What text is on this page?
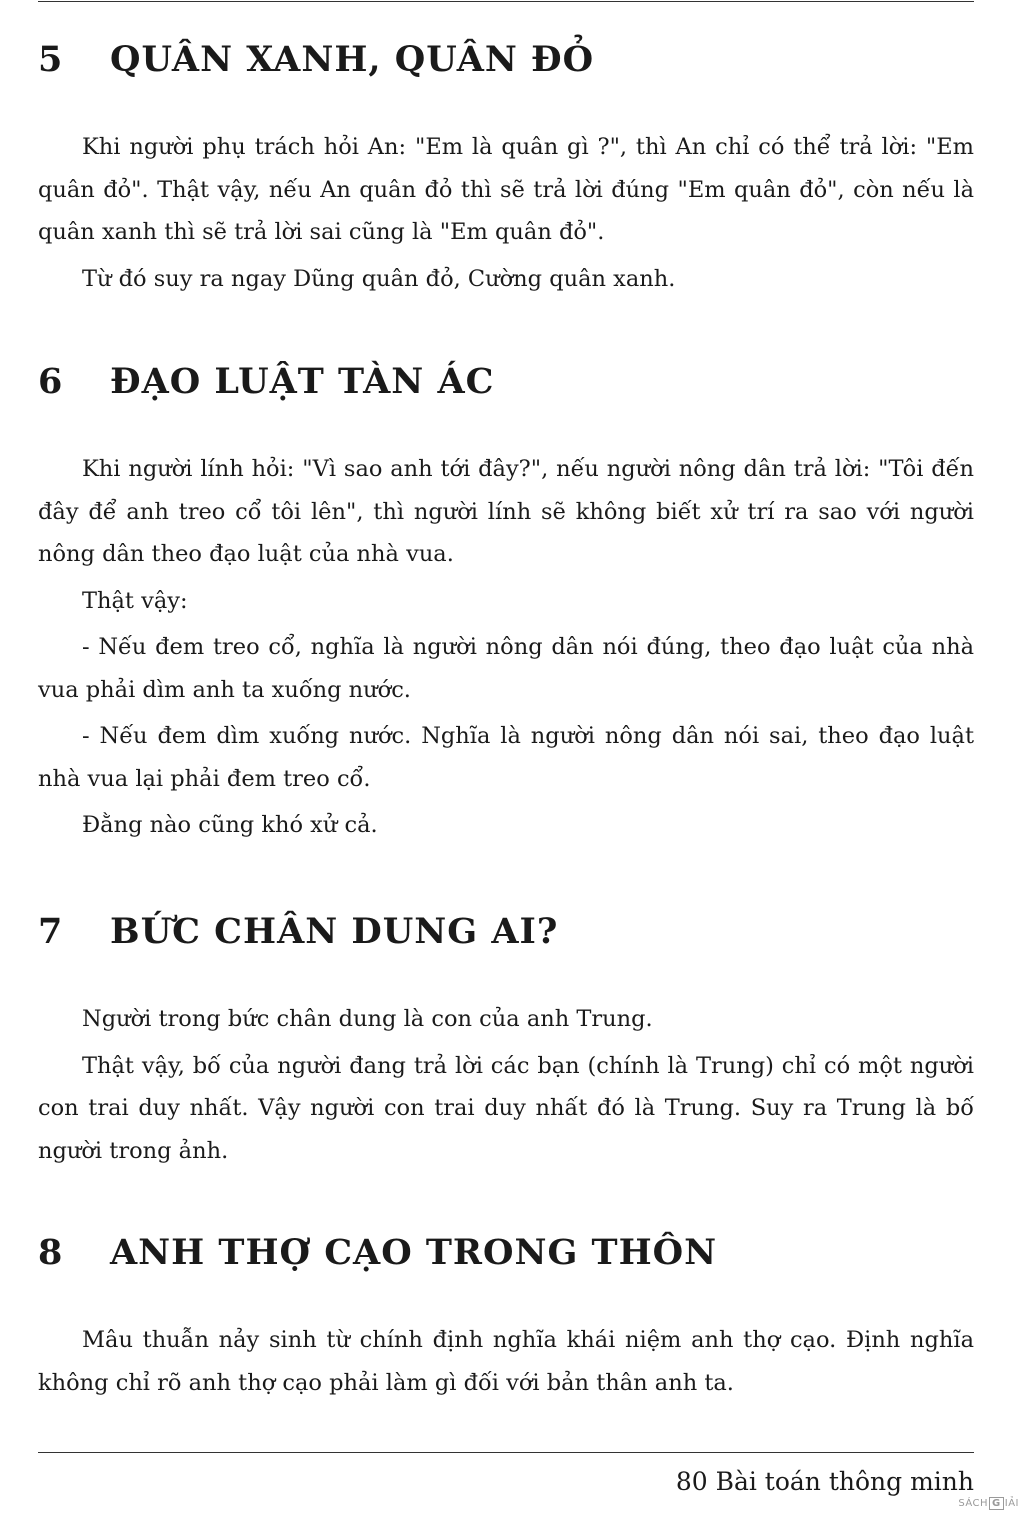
5 QUÂN XANH, QUÂN ĐỎ

Khi người phụ trách hỏi An: "Em là quân gì ?", thì An chỉ có thể trả lời: "Em quân đỏ". Thật vậy, nếu An quân đỏ thì sẽ trả lời đúng "Em quân đỏ", còn nếu là quân xanh thì sẽ trả lời sai cũng là "Em quân đỏ".

Từ đó suy ra ngay Dũng quân đỏ, Cường quân xanh.

6 ĐẠO LUẬT TÀN ÁC

Khi người lính hỏi: "Vì sao anh tới đây?", nếu người nông dân trả lời: "Tôi đến đây để anh treo cổ tôi lên", thì người lính sẽ không biết xử trí ra sao với người nông dân theo đạo luật của nhà vua.

Thật vậy:

- Nếu đem treo cổ, nghĩa là người nông dân nói đúng, theo đạo luật của nhà vua phải dìm anh ta xuống nước.

- Nếu đem dìm xuống nước. Nghĩa là người nông dân nói sai, theo đạo luật nhà vua lại phải đem treo cổ.

Đằng nào cũng khó xử cả.

7 BỨC CHÂN DUNG AI?

Người trong bức chân dung là con của anh Trung.

Thật vậy, bố của người đang trả lời các bạn (chính là Trung) chỉ có một người con trai duy nhất. Vậy người con trai duy nhất đó là Trung. Suy ra Trung là bố người trong ảnh.

8 ANH THỢ CẠO TRONG THÔN

Mâu thuẫn nảy sinh từ chính định nghĩa khái niệm anh thợ cạo. Định nghĩa không chỉ rõ anh thợ cạo phải làm gì đối với bản thân anh ta.

80 Bài toán thông minh
SÁCH G IẢI
